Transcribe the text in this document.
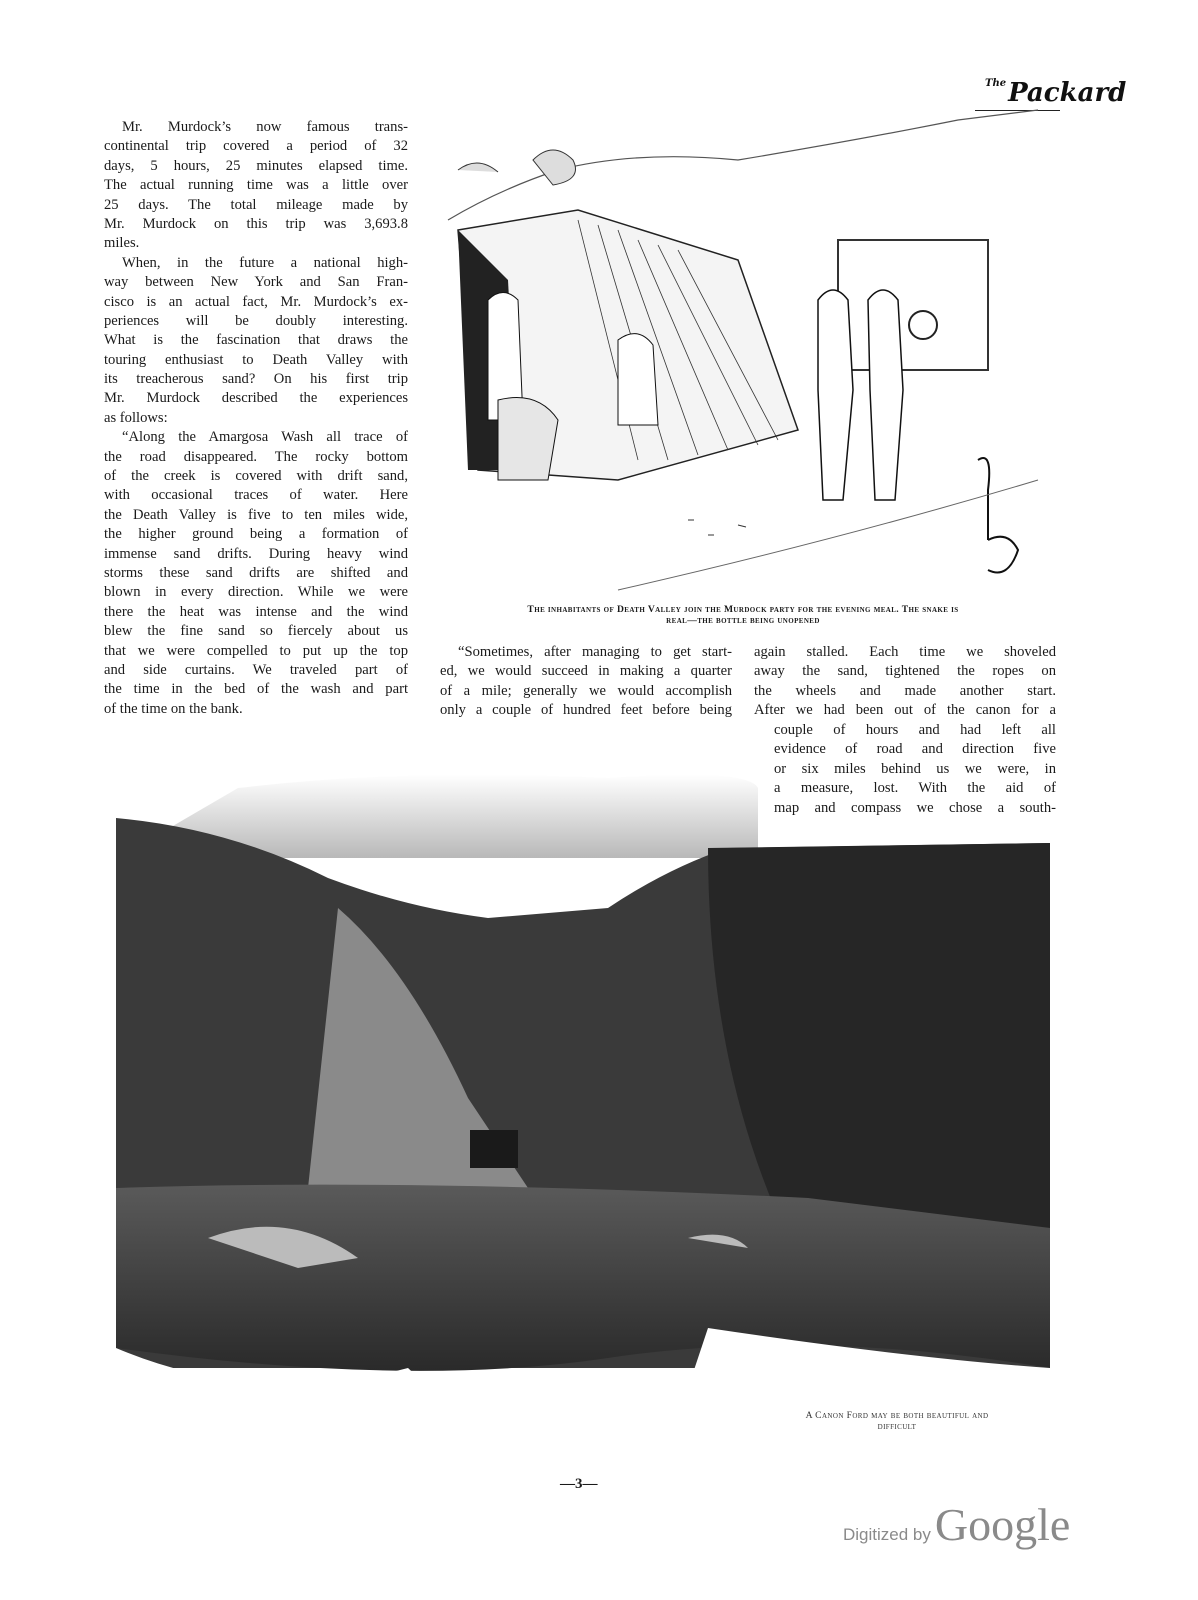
$^{The}$Packard
Mr. Murdock’s now famous trans-
continental trip covered a period of 32
days, 5 hours, 25 minutes elapsed time.
The actual running time was a little over
25 days. The total mileage made by
Mr. Murdock on this trip was 3,693.8
miles.
When, in the future a national high-
way between New York and San Fran-
cisco is an actual fact, Mr. Murdock’s ex-
periences will be doubly interesting.
What is the fascination that draws the
touring enthusiast to Death Valley with
its treacherous sand? On his first trip
Mr. Murdock described the experiences
as follows:
“Along the Amargosa Wash all trace of
the road disappeared. The rocky bottom
of the creek is covered with drift sand,
with occasional traces of water. Here
the Death Valley is five to ten miles wide,
the higher ground being a formation of
immense sand drifts. During heavy wind
storms these sand drifts are shifted and
blown in every direction. While we were
there the heat was intense and the wind
blew the fine sand so fiercely about us
that we were compelled to put up the top
and side curtains. We traveled part of
the time in the bed of the wash and part
of the time on the bank.
The inhabitants of Death Valley join the Murdock party for the evening meal. The snake is
real—the bottle being unopened
“Sometimes, after managing to get start-
ed, we would succeed in making a quarter
of a mile; generally we would accomplish
only a couple of hundred feet before being
again stalled. Each time we shoveled
away the sand, tightened the ropes on
the wheels and made another start.
After we had been out of the canon for a
couple of hours and had left all
evidence of road and direction five
or six miles behind us we were, in
a measure, lost. With the aid of
map and compass we chose a south-
A Canon Ford may be both beautiful and
difficult
—3—
Digitized by Google
